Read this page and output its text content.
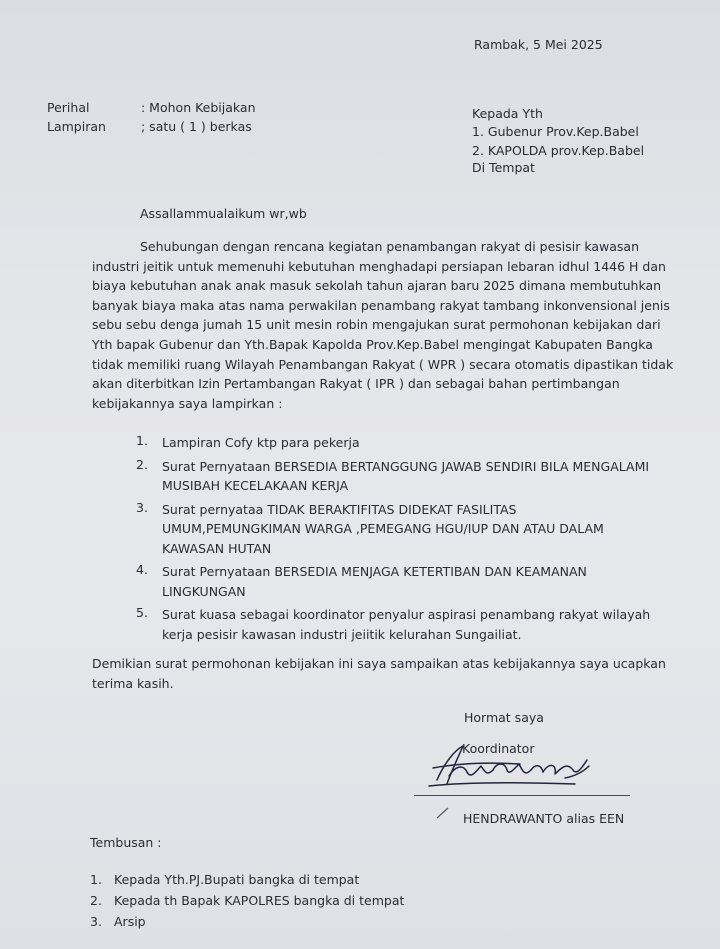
Rambak, 5 Mei 2025
Perihal	: Mohon Kebijakan
Lampiran	; satu ( 1 ) berkas
Kepada Yth
1. Gubenur Prov.Kep.Babel
2. KAPOLDA prov.Kep.Babel
Di Tempat
Assallammualaikum wr,wb
Sehubungan dengan rencana kegiatan penambangan rakyat di pesisir kawasan
industri jeitik untuk memenuhi kebutuhan menghadapi persiapan lebaran idhul 1446 H dan
biaya kebutuhan anak anak masuk sekolah tahun ajaran baru 2025 dimana membutuhkan
banyak biaya maka atas nama perwakilan penambang rakyat tambang inkonvensional jenis
sebu sebu denga jumah 15 unit mesin robin mengajukan surat permohonan kebijakan dari
Yth bapak Gubenur dan Yth.Bapak Kapolda Prov.Kep.Babel mengingat Kabupaten Bangka
tidak memiliki ruang Wilayah Penambangan Rakyat ( WPR ) secara otomatis dipastikan tidak
akan diterbitkan Izin Pertambangan Rakyat ( IPR ) dan sebagai bahan pertimbangan
kebijakannya saya lampirkan :
1. Lampiran Cofy ktp para pekerja
2. Surat Pernyataan BERSEDIA BERTANGGUNG JAWAB SENDIRI BILA MENGALAMI
MUSIBAH KECELAKAAN KERJA
3. Surat pernyataa TIDAK BERAKTIFITAS DIDEKAT FASILITAS
UMUM,PEMUNGKIMAN WARGA ,PEMEGANG HGU/IUP DAN ATAU DALAM
KAWASAN HUTAN
4. Surat Pernyataan BERSEDIA MENJAGA KETERTIBAN DAN KEAMANAN
LINGKUNGAN
5. Surat kuasa sebagai koordinator penyalur aspirasi penambang rakyat wilayah
kerja pesisir kawasan industri jeiitik kelurahan Sungailiat.
Demikian surat permohonan kebijakan ini saya sampaikan atas kebijakannya saya ucapkan
terima kasih.
Hormat saya
Koordinator
HENDRAWANTO alias EEN
Tembusan :
1. Kepada Yth.PJ.Bupati bangka di tempat
2. Kepada th Bapak KAPOLRES bangka di tempat
3. Arsip
